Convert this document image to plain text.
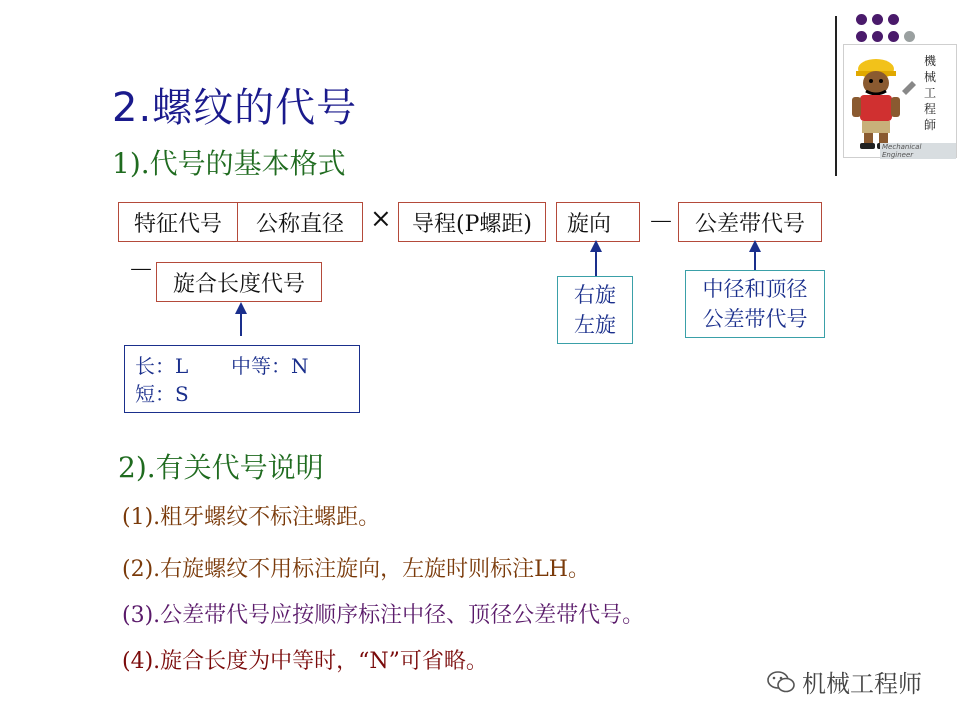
機
械
工
程
師
Mechanical Engineer
2.螺纹的代号
1).代号的基本格式
特征代号	公称直径	× 导程(P螺距)	旋向	－ 公差带代号
－ 旋合长度代号	右旋
左旋
中径和顶径
公差带代号
长：L 中等：N
短：S
2).有关代号说明
(1).粗牙螺纹不标注螺距。
(2).右旋螺纹不用标注旋向，左旋时则标注LH。
(3).公差带代号应按顺序标注中径、顶径公差带代号。
(4).旋合长度为中等时，“N”可省略。
机械工程师
